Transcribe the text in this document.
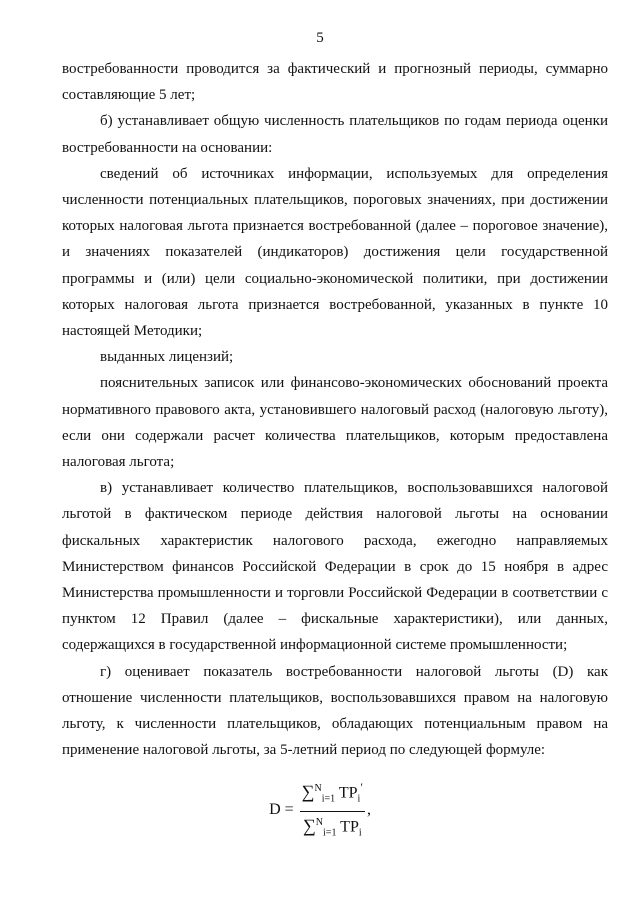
5

востребованности проводится за фактический и прогнозный периоды, суммарно составляющие 5 лет;

б) устанавливает общую численность плательщиков по годам периода оценки востребованности на основании:

сведений об источниках информации, используемых для определения численности потенциальных плательщиков, пороговых значениях, при достижении которых налоговая льгота признается востребованной (далее – пороговое значение), и значениях показателей (индикаторов) достижения цели государственной программы и (или) цели социально-экономической политики, при достижении которых налоговая льгота признается востребованной, указанных в пункте 10 настоящей Методики;

выданных лицензий;

пояснительных записок или финансово-экономических обоснований проекта нормативного правового акта, установившего налоговый расход (налоговую льготу), если они содержали расчет количества плательщиков, которым предоставлена налоговая льгота;

в) устанавливает количество плательщиков, воспользовавшихся налоговой льготой в фактическом периоде действия налоговой льготы на основании фискальных характеристик налогового расхода, ежегодно направляемых Министерством финансов Российской Федерации в срок до 15 ноября в адрес Министерства промышленности и торговли Российской Федерации в соответствии с пунктом 12 Правил (далее – фискальные характеристики), или данных, содержащихся в государственной информационной системе промышленности;

г) оценивает показатель востребованности налоговой льготы (D) как отношение численности плательщиков, воспользовавшихся правом на налоговую льготу, к численности плательщиков, обладающих потенциальным правом на применение налоговой льготы, за 5-летний период по следующей формуле:

$D = \frac{\sum^N_{i=1} TP_i'}{\sum^N_{i=1} TP_i}$ ,
